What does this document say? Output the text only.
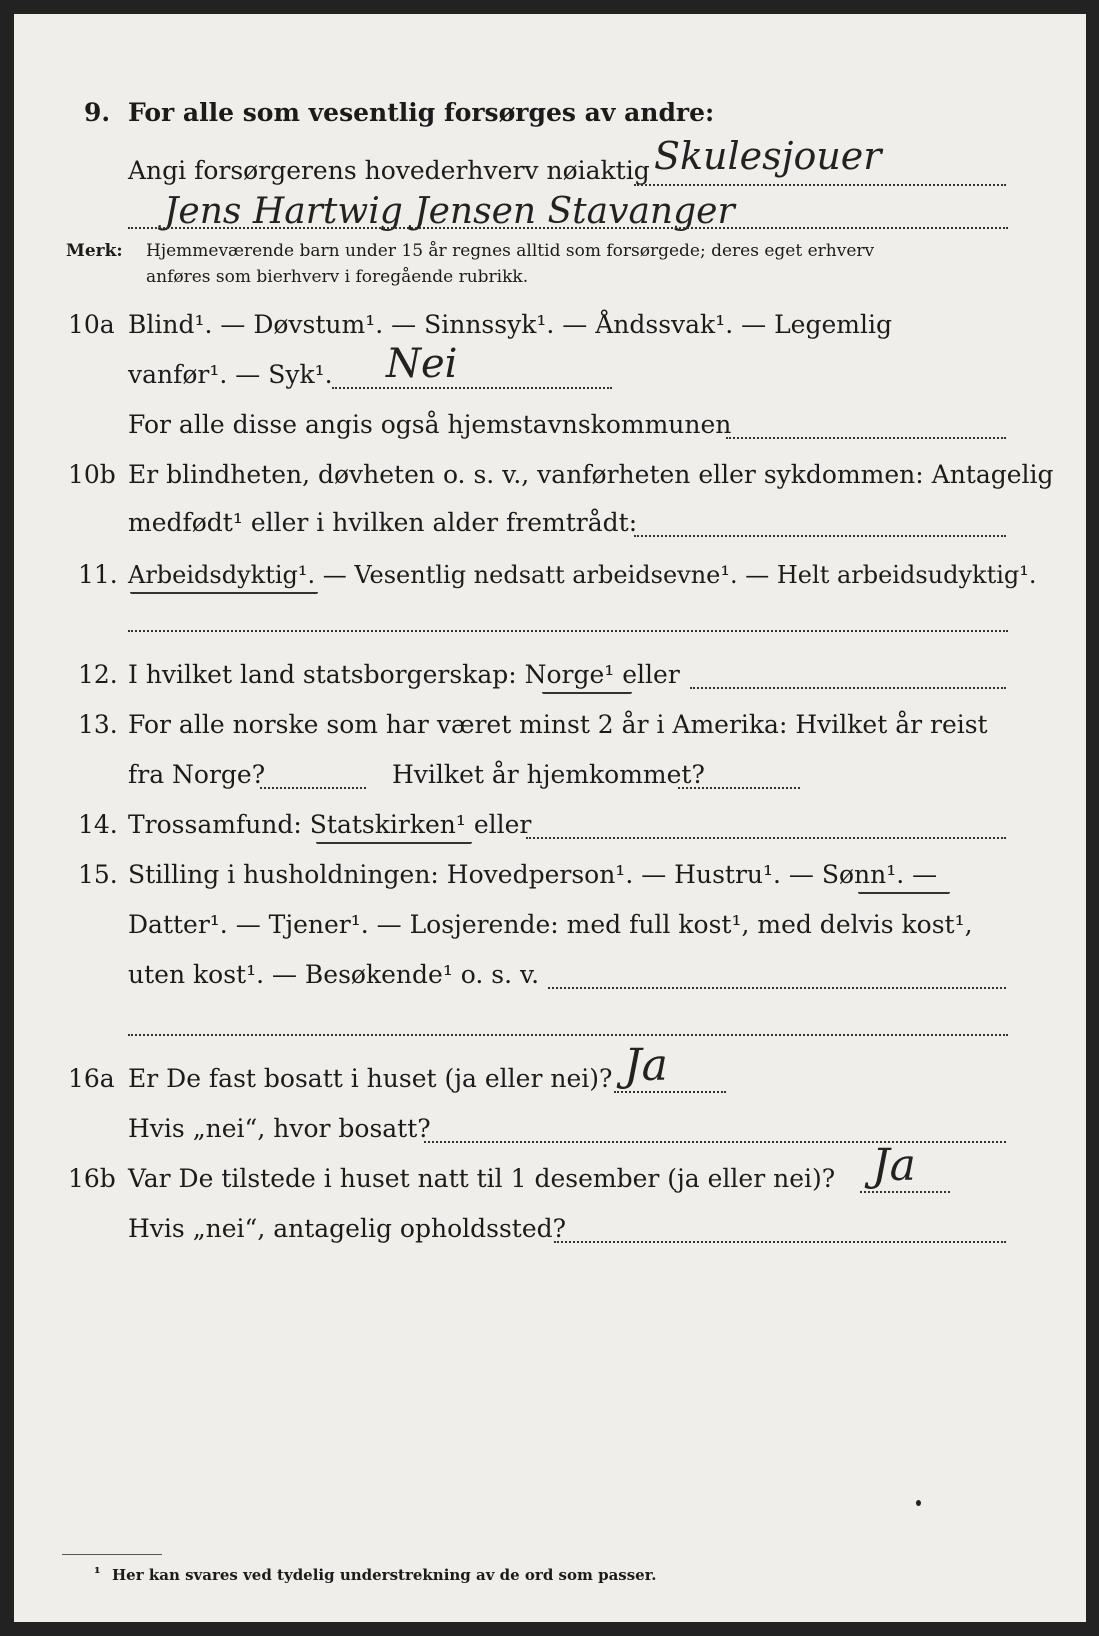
9. For alle som vesentlig forsørges av andre:
Skulesjouer
Angi forsørgerens hovederhverv nøiaktig
Jens Hartwig Jensen Stavanger
Merk: Hjemmeværende barn under 15 år regnes alltid som forsørgede; deres eget erhverv
anføres som bierhverv i foregående rubrikk.
10a Blind¹. — Døvstum¹. — Sinnssyk¹. — Åndssvak¹. — Legemlig
vanfør¹. — Syk¹. Nei
For alle disse angis også hjemstavnskommunen
10b Er blindheten, døvheten o. s. v., vanførheten eller sykdommen: Antagelig
medfødt¹ eller i hvilken alder fremtrådt:
11. Arbeidsdyktig¹. — Vesentlig nedsatt arbeidsevne¹. — Helt arbeidsudyktig¹.
12. I hvilket land statsborgerskap: Norge¹ eller
13. For alle norske som har været minst 2 år i Amerika: Hvilket år reist
fra Norge?	Hvilket år hjemkommet?
14. Trossamfund: Statskirken¹ eller
15. Stilling i husholdningen: Hovedperson¹. — Hustru¹. — Sønn¹. —
Datter¹. — Tjener¹. — Losjerende: med full kost¹, med delvis kost¹,
uten kost¹. — Besøkende¹ o. s. v.
16a Er De fast bosatt i huset (ja eller nei)? Ja
Hvis „nei“, hvor bosatt?
16b Var De tilstede i huset natt til 1 desember (ja eller nei)? Ja
Hvis „nei“, antagelig opholdssted?
¹ Her kan svares ved tydelig understrekning av de ord som passer.
